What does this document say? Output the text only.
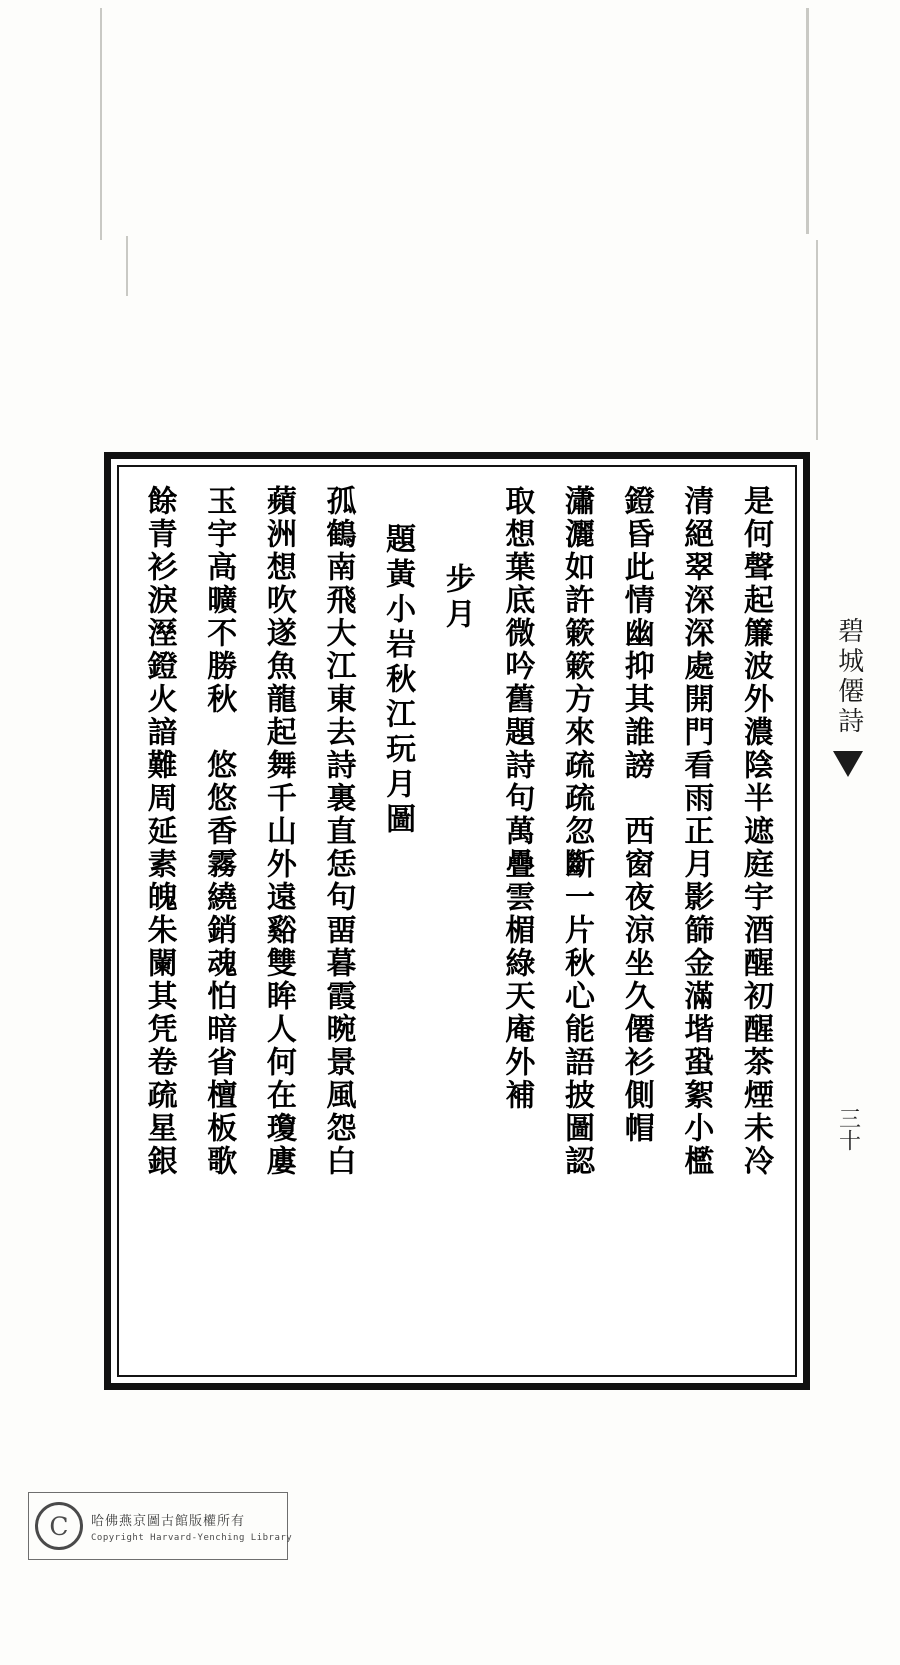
是何聲起簾波外濃陰半遮庭宇酒醒初醒茶煙未冷
清絕翠深深處開門看雨正月影篩金滿堦蛩絮小檻
鐙昏此情幽抑其誰謗　西窗夜涼坐久僊衫側帽
瀟灑如許簌簌方來疏疏忽斷一片秋心能語披圖認
取想葉底微吟舊題詩句萬疊雲楣綠天庵外補
步月
題黃小岩秋江玩月圖
孤鶴南飛大江東去詩裏直恁句畱暮霞晼景風怨白
蘋洲想吹遂魚龍起舞千山外遠谿雙眸人何在瓊廔
玉宇高曠不勝秋　悠悠香霧繞銷魂怕暗省檀板歌
餘青衫淚溼鐙火諳難周延素魄朱闌其凭卷疏星銀	碧城僊詩
三十
C	哈佛燕京圖古館版權所有
Copyright Harvard-Yenching Library
